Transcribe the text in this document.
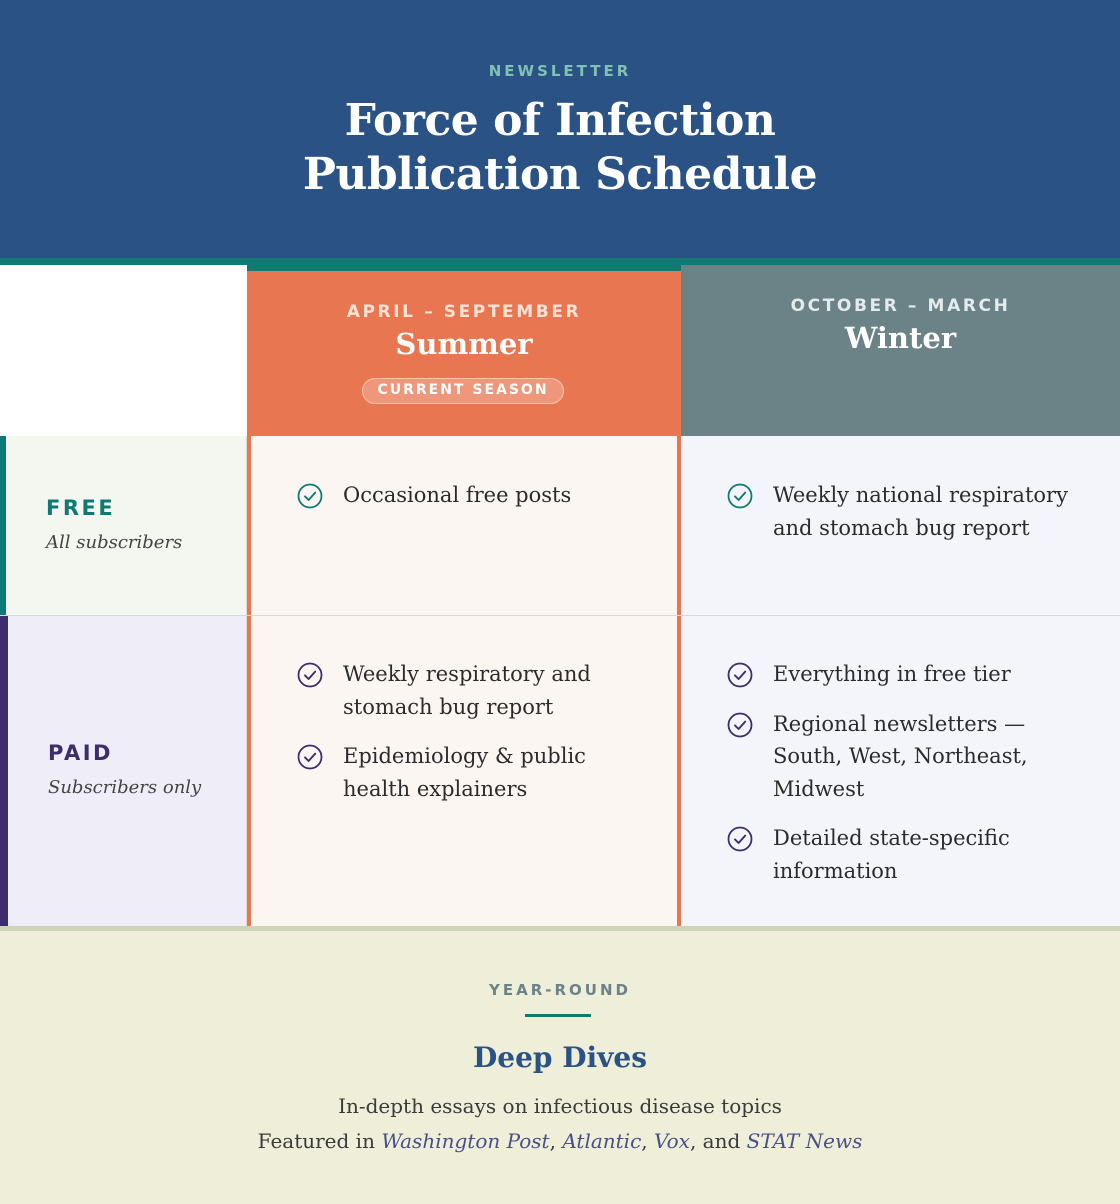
NEWSLETTER
Force of Infection
Publication Schedule
APRIL – SEPTEMBER
Summer
CURRENT SEASON
OCTOBER – MARCH
Winter
FREE
All subscribers
Occasional free posts	Weekly national respiratory and stomach bug report
PAID
Subscribers only
Weekly respiratory and stomach bug report
Epidemiology & public health explainers
Everything in free tier
Regional newsletters — South, West, Northeast, Midwest
Detailed state-specific information
YEAR-ROUND
Deep Dives
In-depth essays on infectious disease topics
Featured in Washington Post, Atlantic, Vox, and STAT News
